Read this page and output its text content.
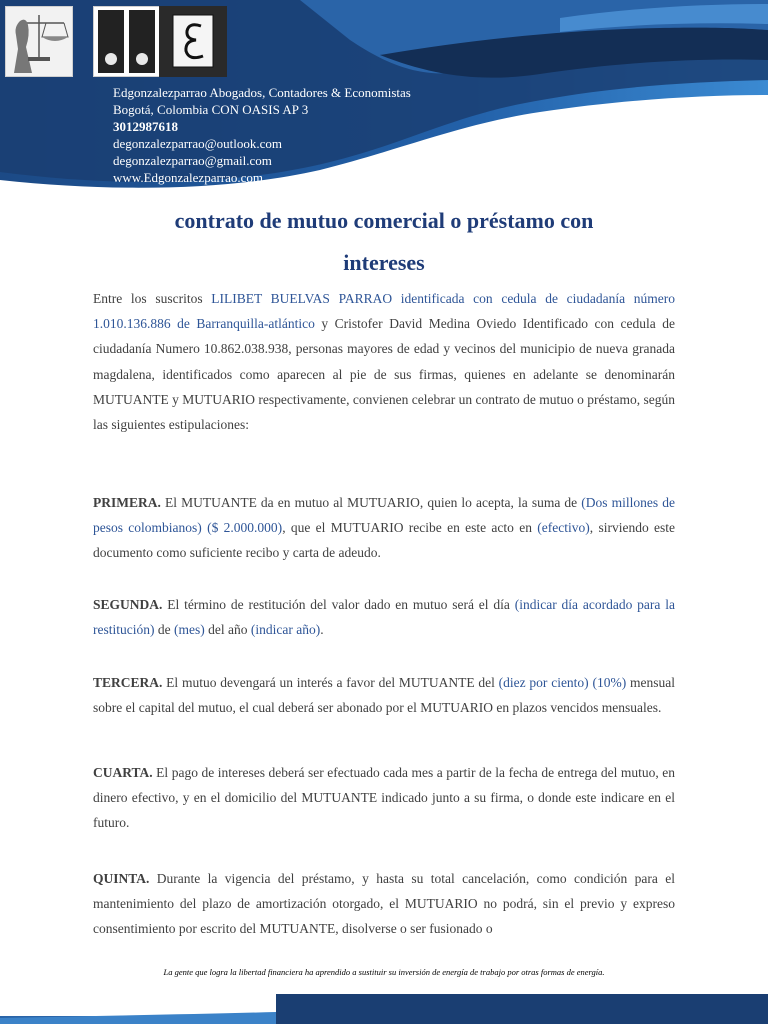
Edgonzalezparrao Abogados, Contadores & Economistas
Bogotá, Colombia CON OASIS AP 3
3012987618
degonzalezparrao@outlook.com
degonzalezparrao@gmail.com
www.Edgonzalezparrao.com
contrato de mutuo comercial o préstamo con
intereses

Entre los suscritos LILIBET BUELVAS PARRAO identificada con cedula de ciudadanía número 1.010.136.886 de Barranquilla-atlántico y Cristofer David Medina Oviedo Identificado con cedula de ciudadanía Numero 10.862.038.938, personas mayores de edad y vecinos del municipio de nueva granada magdalena, identificados como aparecen al pie de sus firmas, quienes en adelante se denominarán MUTUANTE y MUTUARIO respectivamente, convienen celebrar un contrato de mutuo o préstamo, según las siguientes estipulaciones:

PRIMERA. El MUTUANTE da en mutuo al MUTUARIO, quien lo acepta, la suma de (Dos millones de pesos colombianos) ($ 2.000.000), que el MUTUARIO recibe en este acto en (efectivo), sirviendo este documento como suficiente recibo y carta de adeudo.

SEGUNDA. El término de restitución del valor dado en mutuo será el día (indicar día acordado para la restitución) de (mes) del año (indicar año).

TERCERA. El mutuo devengará un interés a favor del MUTUANTE del (diez por ciento) (10%) mensual sobre el capital del mutuo, el cual deberá ser abonado por el MUTUARIO en plazos vencidos mensuales.

CUARTA. El pago de intereses deberá ser efectuado cada mes a partir de la fecha de entrega del mutuo, en dinero efectivo, y en el domicilio del MUTUANTE indicado junto a su firma, o donde este indicare en el futuro.

QUINTA. Durante la vigencia del préstamo, y hasta su total cancelación, como condición para el mantenimiento del plazo de amortización otorgado, el MUTUARIO no podrá, sin el previo y expreso consentimiento por escrito del MUTUANTE, disolverse o ser fusionado o

La gente que logra la libertad financiera ha aprendido a sustituir su inversión de energía de trabajo por otras formas de energía.
